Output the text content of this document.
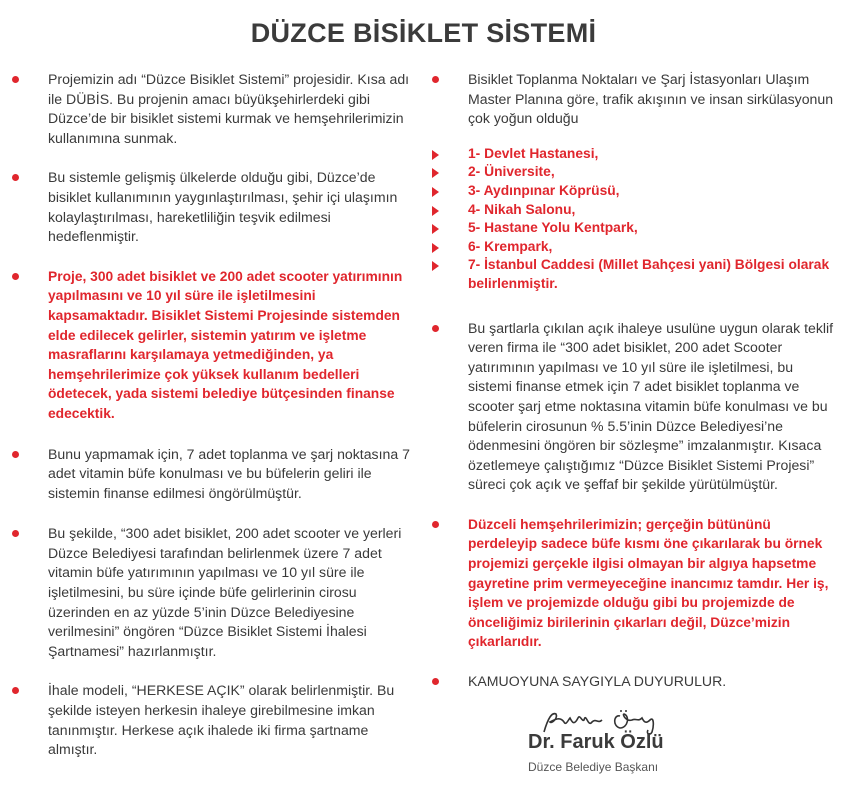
DÜZCE BİSİKLET SİSTEMİ
Projemizin adı “Düzce Bisiklet Sistemi” projesidir. Kısa adı ile DÜBİS. Bu projenin amacı büyükşehirlerdeki gibi Düzce’de bir bisiklet sistemi kurmak ve hemşehrilerimizin kullanımına sunmak.
Bu sistemle gelişmiş ülkelerde olduğu gibi, Düzce’de bisiklet kullanımının yaygınlaştırılması, şehir içi ulaşımın kolaylaştırılması, hareketliliğin teşvik edilmesi hedeflenmiştir.
Proje, 300 adet bisiklet ve 200 adet scooter yatırımının yapılmasını ve 10 yıl süre ile işletilmesini kapsamaktadır. Bisiklet Sistemi Projesinde sistemden elde edilecek gelirler, sistemin yatırım ve işletme masraflarını karşılamaya yetmediğinden, ya hemşehrilerimize çok yüksek kullanım bedelleri ödetecek, yada sistemi belediye bütçesinden finanse edecektik.
Bunu yapmamak için, 7 adet toplanma ve şarj noktasına 7 adet vitamin büfe konulması ve bu büfelerin geliri ile sistemin finanse edilmesi öngörülmüştür.
Bu şekilde, “300 adet bisiklet, 200 adet scooter ve yerleri Düzce Belediyesi tarafından belirlenmek üzere 7 adet vitamin büfe yatırımının yapılması ve 10 yıl süre ile işletilmesini, bu süre içinde büfe gelirlerinin cirosu üzerinden en az yüzde 5’inin Düzce Belediyesine verilmesini” öngören “Düzce Bisiklet Sistemi İhalesi Şartnamesi” hazırlanmıştır.
İhale modeli, “HERKESE AÇIK” olarak belirlenmiştir. Bu şekilde isteyen herkesin ihaleye girebilmesine imkan tanınmıştır. Herkese açık ihalede iki firma şartname almıştır.
Bisiklet Toplanma Noktaları ve Şarj İstasyonları Ulaşım Master Planına göre, trafik akışının ve insan sirkülasyonun çok yoğun olduğu
1- Devlet Hastanesi,
2- Üniversite,
3- Aydınpınar Köprüsü,
4- Nikah Salonu,
5- Hastane Yolu Kentpark,
6- Krempark,
7- İstanbul Caddesi (Millet Bahçesi yani) Bölgesi olarak belirlenmiştir.
Bu şartlarla çıkılan açık ihaleye usulüne uygun olarak teklif veren firma ile “300 adet bisiklet, 200 adet Scooter yatırımının yapılması ve 10 yıl süre ile işletilmesi, bu sistemi finanse etmek için 7 adet bisiklet toplanma ve scooter şarj etme noktasına vitamin büfe konulması ve bu büfelerin cirosunun % 5.5’inin Düzce Belediyesi’ne ödenmesini öngören bir sözleşme” imzalanmıştır. Kısaca özetlemeye çalıştığımız “Düzce Bisiklet Sistemi Projesi” süreci çok açık ve şeffaf bir şekilde yürütülmüştür.
Düzceli hemşehrilerimizin; gerçeğin bütününü perdeleyip sadece büfe kısmı öne çıkarılarak bu örnek projemizi gerçekle ilgisi olmayan bir algıya hapsetme gayretine prim vermeyeceğine inancımız tamdır. Her iş, işlem ve projemizde olduğu gibi bu projemizde de önceliğimiz birilerinin çıkarları değil, Düzce’mizin çıkarlarıdır.
KAMUOYUNA SAYGIYLA DUYURULUR.
Dr. Faruk Özlü
Düzce Belediye Başkanı
